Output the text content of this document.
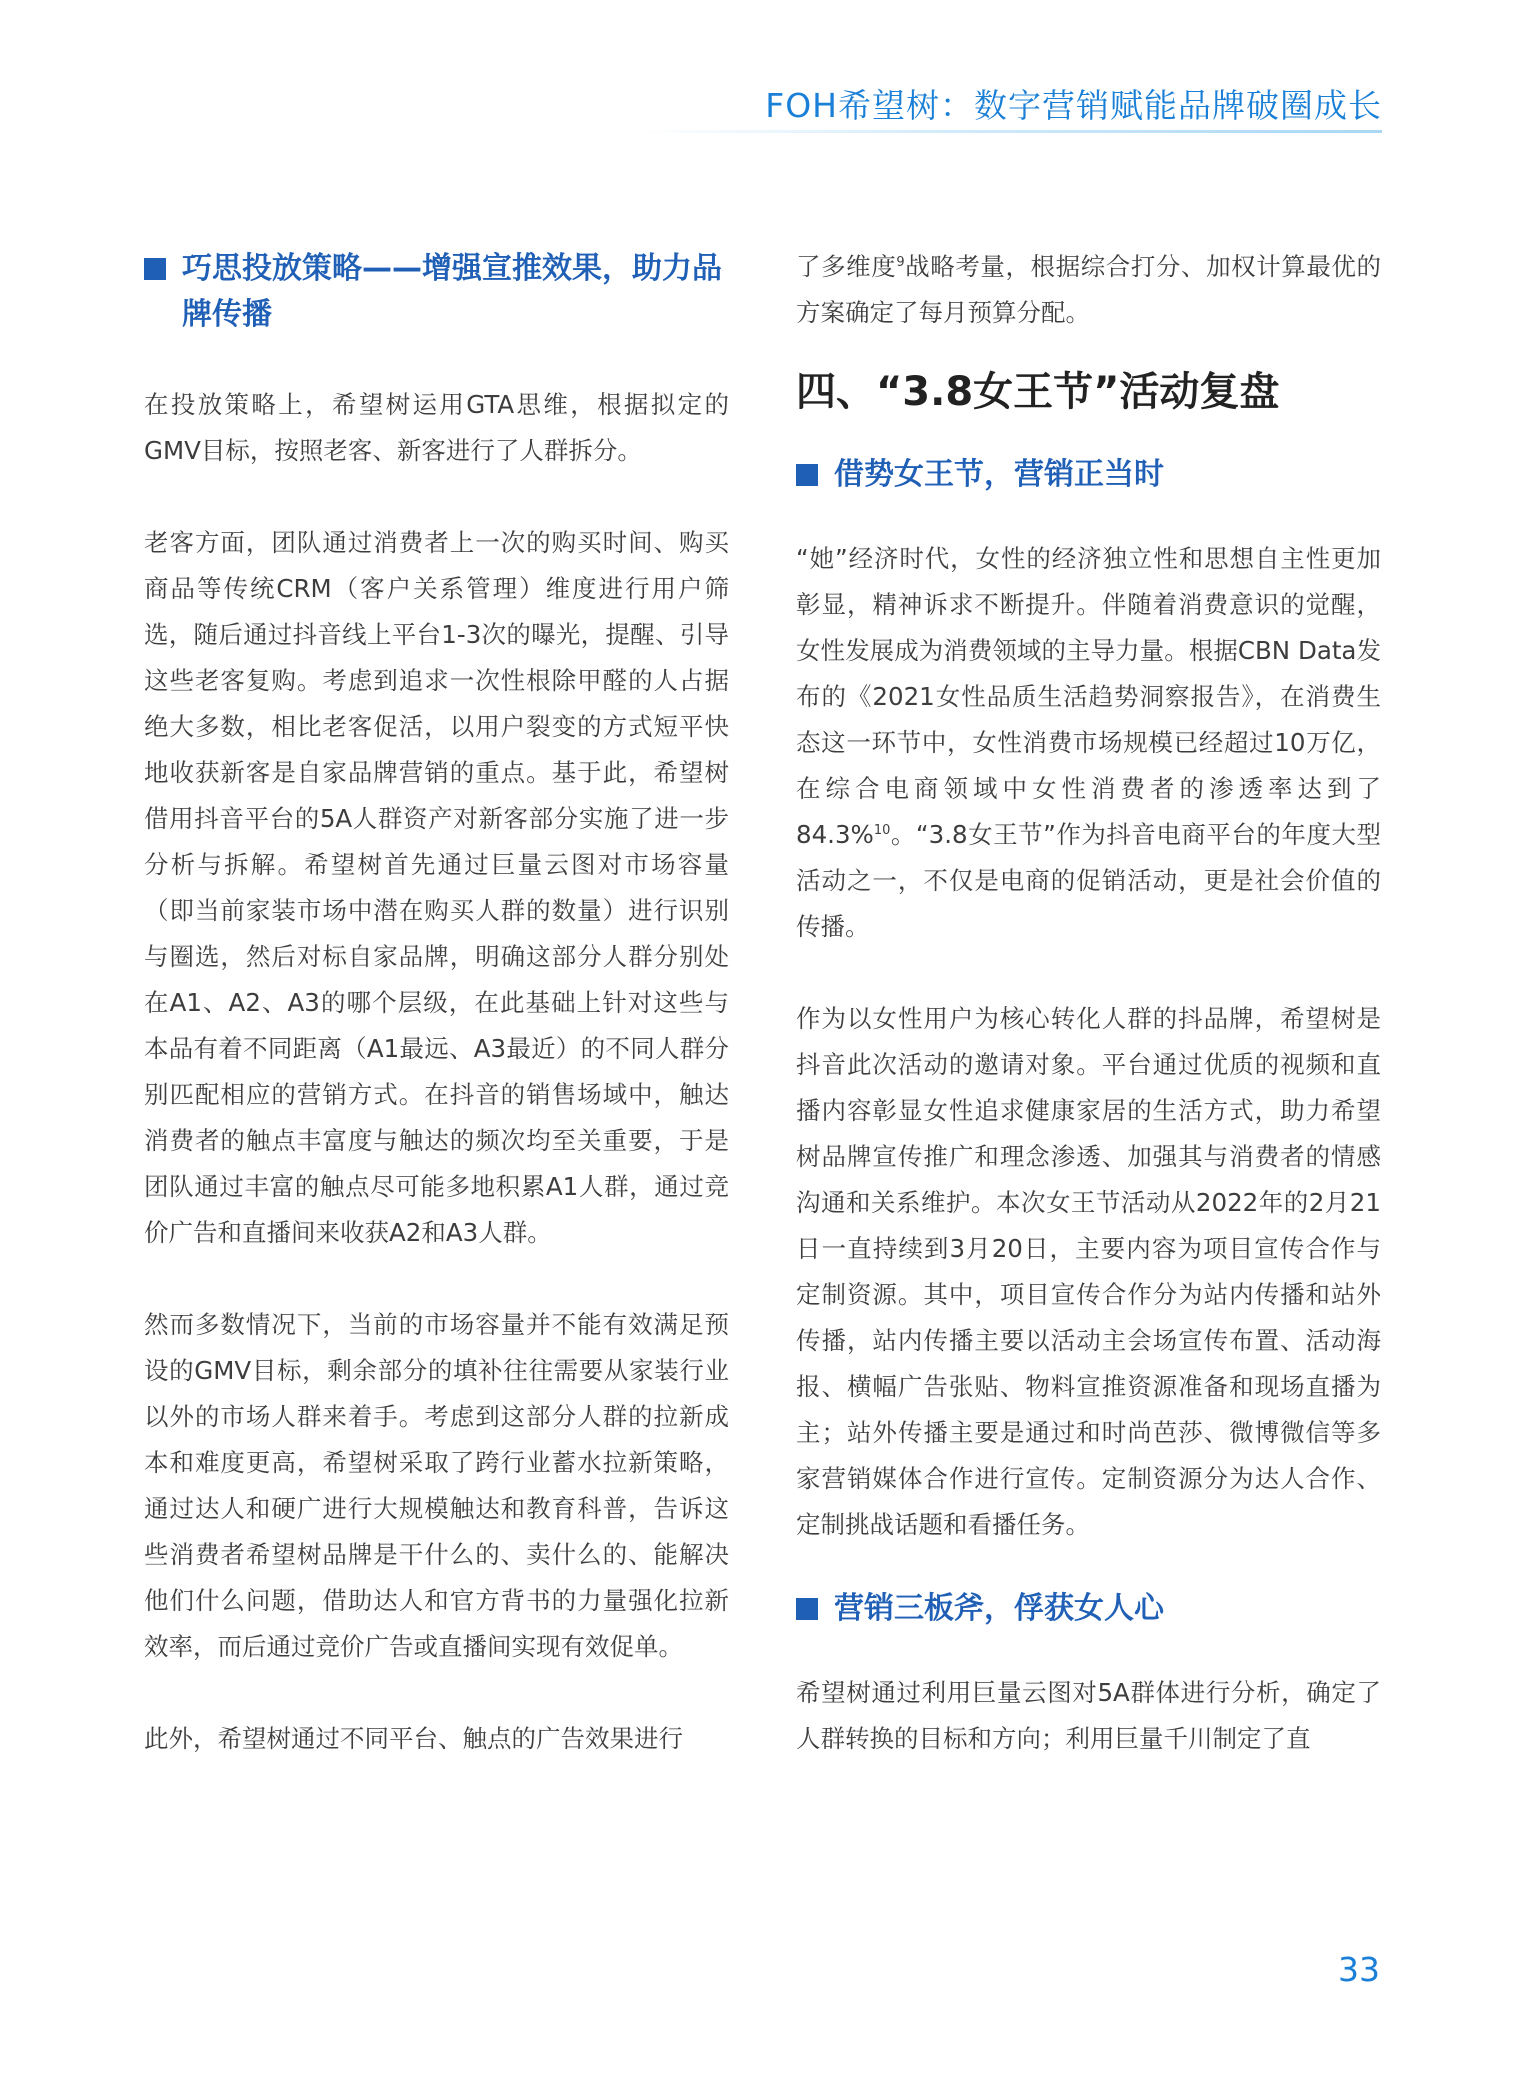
FOH希望树：数字营销赋能品牌破圈成长
巧思投放策略——增强宣推效果，助力品牌传播

在投放策略上，希望树运用GTA思维，根据拟定的GMV目标，按照老客、新客进行了人群拆分。

老客方面，团队通过消费者上一次的购买时间、购买商品等传统CRM（客户关系管理）维度进行用户筛选，随后通过抖音线上平台1-3次的曝光，提醒、引导这些老客复购。考虑到追求一次性根除甲醛的人占据绝大多数，相比老客促活，以用户裂变的方式短平快地收获新客是自家品牌营销的重点。基于此，希望树借用抖音平台的5A人群资产对新客部分实施了进一步分析与拆解。希望树首先通过巨量云图对市场容量（即当前家装市场中潜在购买人群的数量）进行识别与圈选，然后对标自家品牌，明确这部分人群分别处在A1、A2、A3的哪个层级，在此基础上针对这些与本品有着不同距离（A1最远、A3最近）的不同人群分别匹配相应的营销方式。在抖音的销售场域中，触达消费者的触点丰富度与触达的频次均至关重要，于是团队通过丰富的触点尽可能多地积累A1人群，通过竞价广告和直播间来收获A2和A3人群。

然而多数情况下，当前的市场容量并不能有效满足预设的GMV目标，剩余部分的填补往往需要从家装行业以外的市场人群来着手。考虑到这部分人群的拉新成本和难度更高，希望树采取了跨行业蓄水拉新策略，通过达人和硬广进行大规模触达和教育科普，告诉这些消费者希望树品牌是干什么的、卖什么的、能解决他们什么问题，借助达人和官方背书的力量强化拉新效率，而后通过竞价广告或直播间实现有效促单。

此外，希望树通过不同平台、触点的广告效果进行

了多维度$^9$战略考量，根据综合打分、加权计算最优的方案确定了每月预算分配。

四、“3.8女王节”活动复盘
借势女王节，营销正当时

“她”经济时代，女性的经济独立性和思想自主性更加彰显，精神诉求不断提升。伴随着消费意识的觉醒，女性发展成为消费领域的主导力量。根据CBN Data发布的《2021女性品质生活趋势洞察报告》，在消费生态这一环节中，女性消费市场规模已经超过10万亿，在综合电商领域中女性消费者的渗透率达到了84.3%$^{10}$。“3.8女王节”作为抖音电商平台的年度大型活动之一，不仅是电商的促销活动，更是社会价值的传播。

作为以女性用户为核心转化人群的抖品牌，希望树是抖音此次活动的邀请对象。平台通过优质的视频和直播内容彰显女性追求健康家居的生活方式，助力希望树品牌宣传推广和理念渗透、加强其与消费者的情感沟通和关系维护。本次女王节活动从2022年的2月21日一直持续到3月20日，主要内容为项目宣传合作与定制资源。其中，项目宣传合作分为站内传播和站外传播，站内传播主要以活动主会场宣传布置、活动海报、横幅广告张贴、物料宣推资源准备和现场直播为主；站外传播主要是通过和时尚芭莎、微博微信等多家营销媒体合作进行宣传。定制资源分为达人合作、定制挑战话题和看播任务。

营销三板斧，俘获女人心

希望树通过利用巨量云图对5A群体进行分析，确定了人群转换的目标和方向；利用巨量千川制定了直

33
